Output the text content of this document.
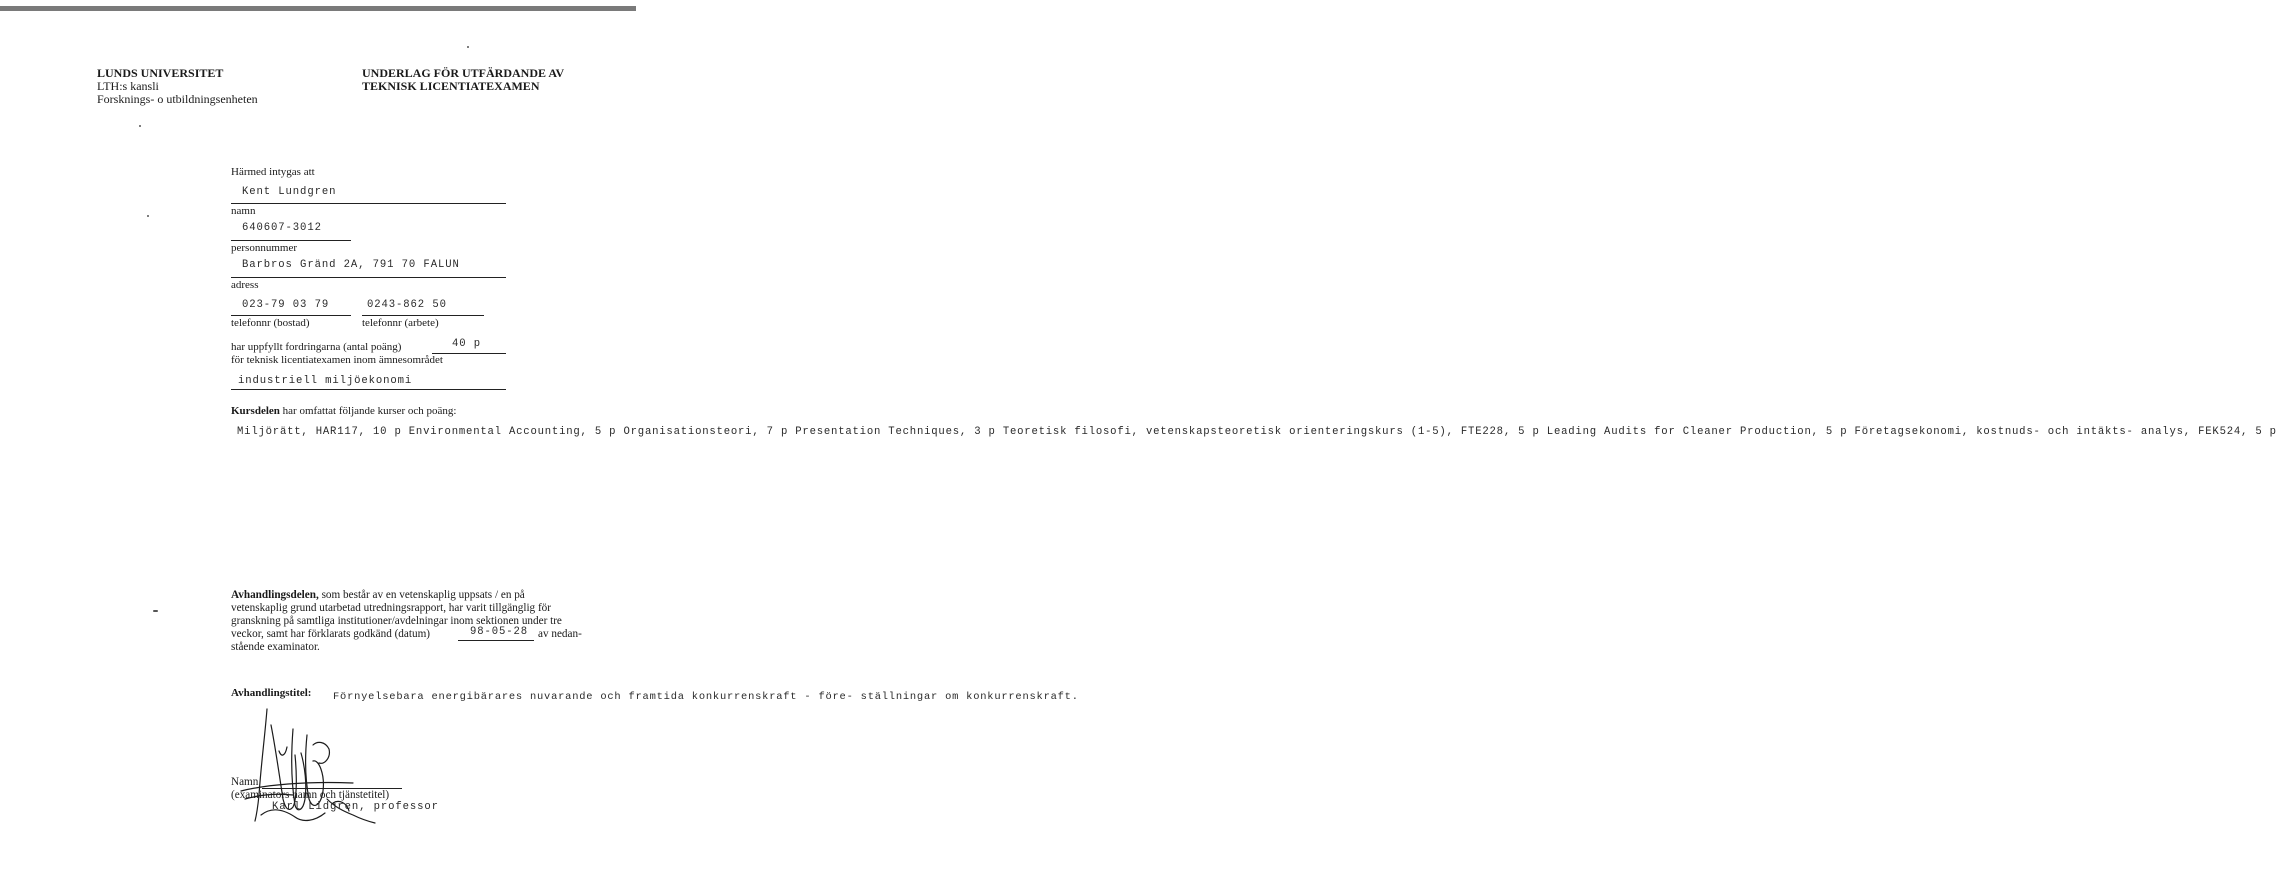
LUNDS UNIVERSITET
LTH:s kansli
Forsknings- o utbildningsenheten
UNDERLAG FÖR UTFÄRDANDE AV
TEKNISK LICENTIATEXAMEN
Härmed intygas att
Kent Lundgren
namn
640607-3012
personnummer
Barbros Gränd 2A, 791 70 FALUN
adress
023-79 03 79
telefonnr (bostad)
0243-862 50
telefonnr (arbete)
har uppfyllt fordringarna (antal poäng)	40 p
för teknisk licentiatexamen inom ämnesområdet
industriell miljöekonomi
Kursdelen har omfattat följande kurser och poäng:
Miljörätt, HAR117, 10 p Environmental Accounting, 5 p Organisationsteori, 7 p Presentation Techniques, 3 p Teoretisk filosofi, vetenskapsteoretisk orienteringskurs (1-5), FTE228, 5 p Leading Audits for Cleaner Production, 5 p Företagsekonomi, kostnuds- och intäkts- analys, FEK524, 5 p
Avhandlingsdelen, som består av en vetenskaplig uppsats / en på
vetenskaplig grund utarbetad utredningsrapport, har varit tillgänglig för
granskning på samtliga institutioner/avdelningar inom sektionen under tre
veckor, samt har förklarats godkänd (datum)	98-05-28 av nedan-
stående examinator.
Avhandlingstitel: Förnyelsebara energibärares nuvarande och framtida konkurrenskraft - före- ställningar om konkurrenskraft.
Namn
(examinators namn och tjänstetitel)
Karl Lidgren, professor
